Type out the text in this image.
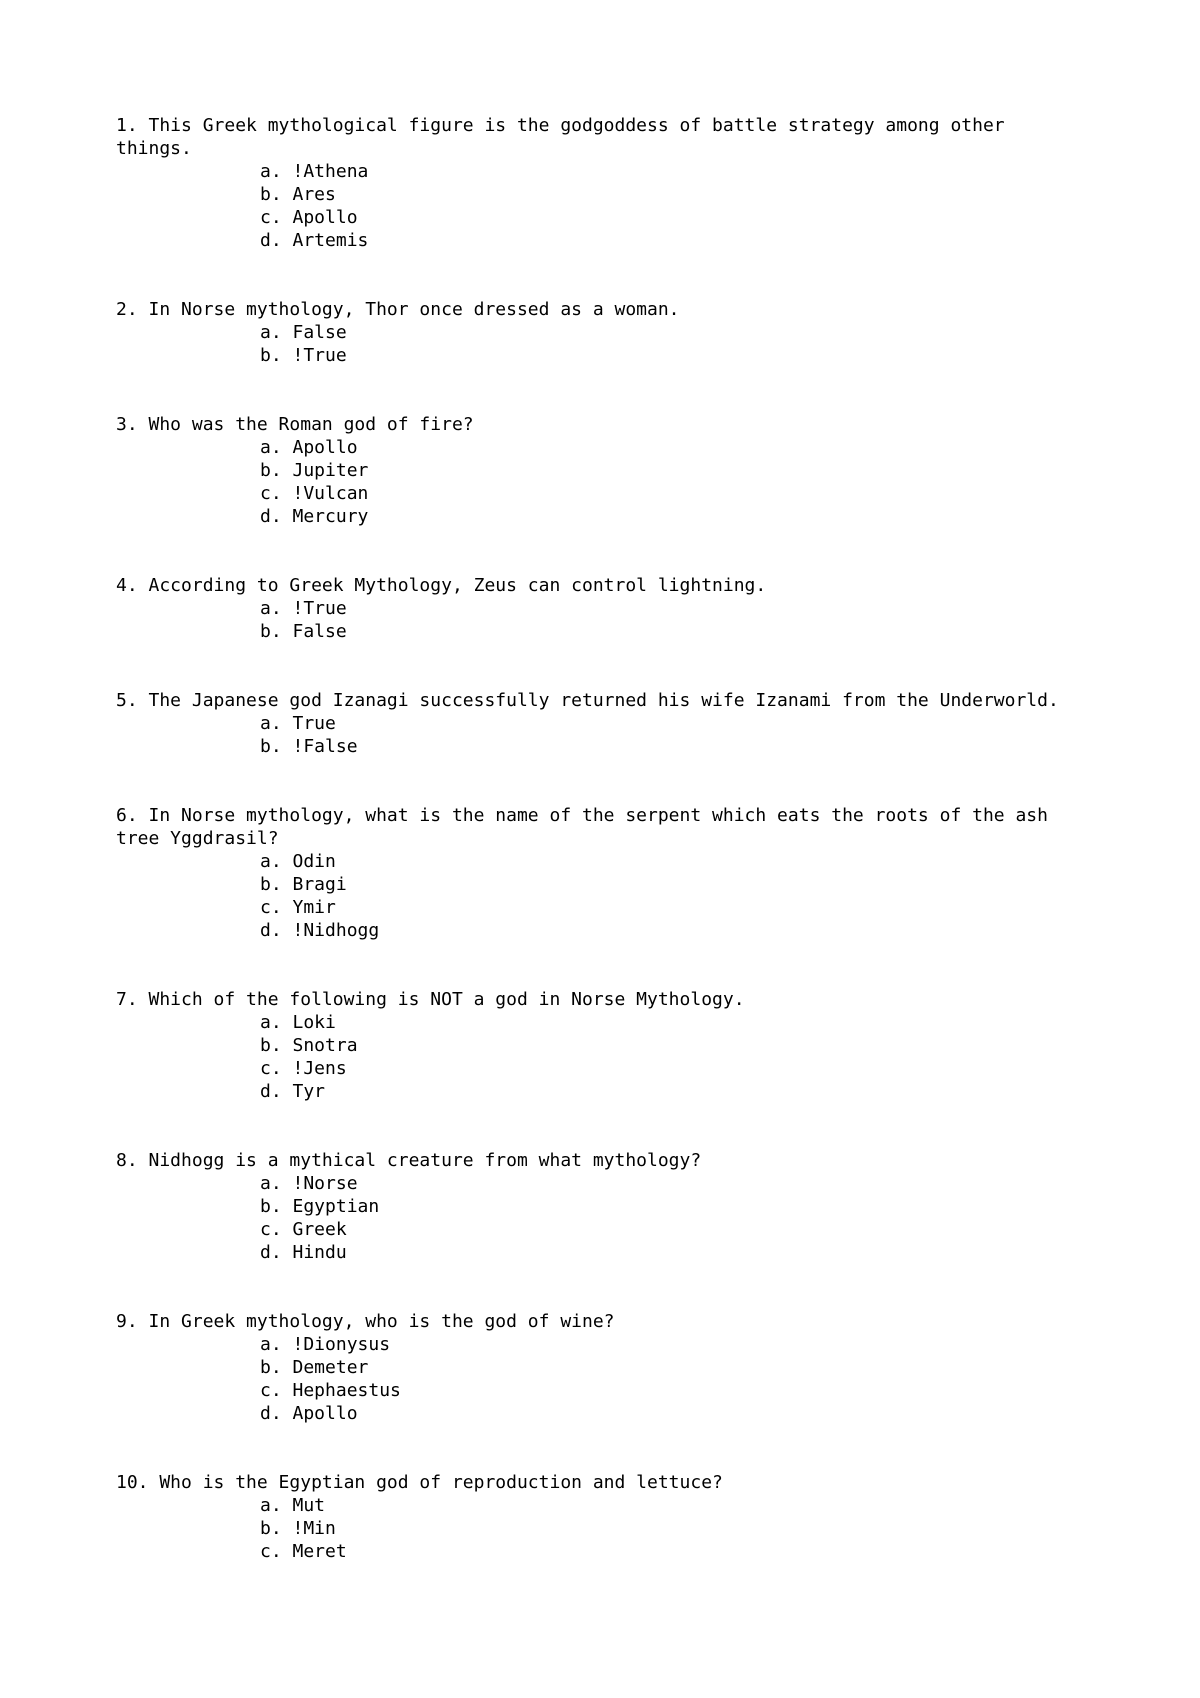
1. This Greek mythological figure is the godgoddess of battle strategy among other things.
a. !Athena
b. Ares
c. Apollo
d. Artemis
2. In Norse mythology, Thor once dressed as a woman.
a. False
b. !True
3. Who was the Roman god of fire?
a. Apollo
b. Jupiter
c. !Vulcan
d. Mercury
4. According to Greek Mythology, Zeus can control lightning.
a. !True
b. False
5. The Japanese god Izanagi successfully returned his wife Izanami from the Underworld.
a. True
b. !False
6. In Norse mythology, what is the name of the serpent which eats the roots of the ash tree Yggdrasil?
a. Odin
b. Bragi
c. Ymir
d. !Nidhogg
7. Which of the following is NOT a god in Norse Mythology.
a. Loki
b. Snotra
c. !Jens
d. Tyr
8. Nidhogg is a mythical creature from what mythology?
a. !Norse
b. Egyptian
c. Greek
d. Hindu
9. In Greek mythology, who is the god of wine?
a. !Dionysus
b. Demeter
c. Hephaestus
d. Apollo
10. Who is the Egyptian god of reproduction and lettuce?
a. Mut
b. !Min
c. Meret
